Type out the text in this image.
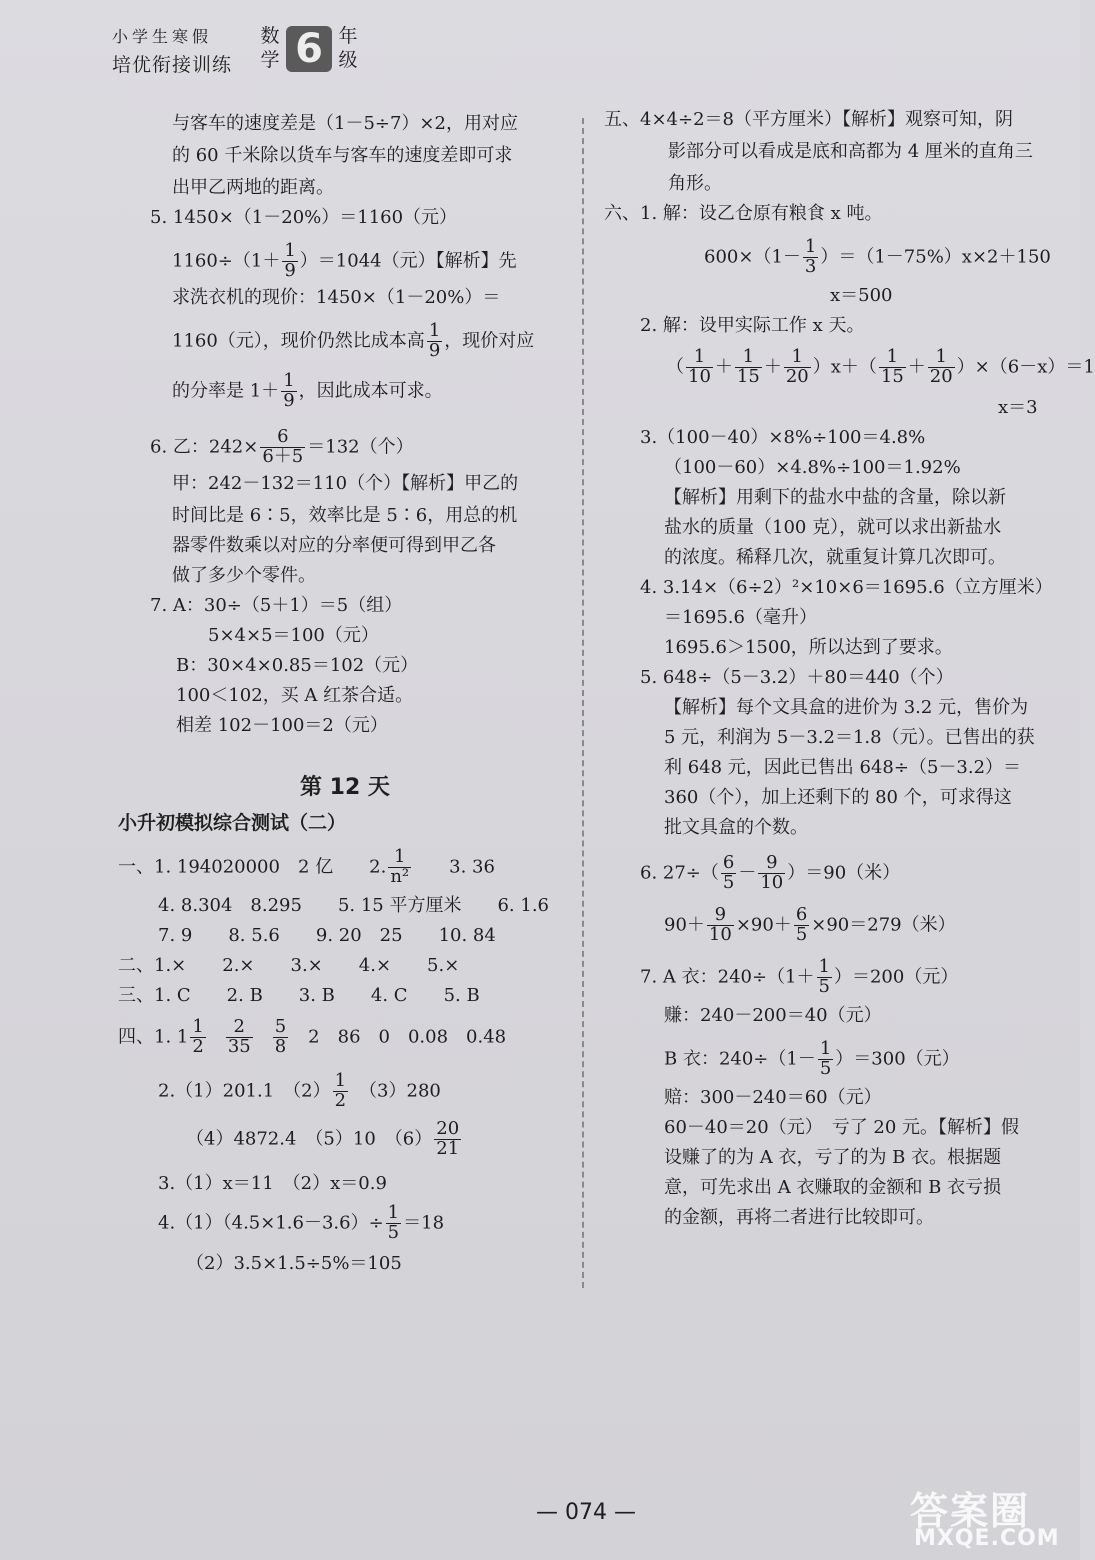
小学生寒假
培优衔接训练
数学 6 年级
与客车的速度差是（1－5÷7）×2，用对应
的 60 千米除以货车与客车的速度差即可求
出甲乙两地的距离。
5. 1450×（1－20%）＝1160（元）
$1160\div(1+ \frac{1}{9} )=1044$（元）【解析】先
求洗衣机的现价：1450×（1－20%）＝
1160（元），现价仍然比成本高 $\frac{1}{9}$ ，现价对应
的分率是 $1+ \frac{1}{9}$ ，因此成本可求。
6. 乙：$242\times \frac{6}{6+5} =132$（个）
甲：242－132＝110（个）【解析】甲乙的
时间比是 6∶5，效率比是 5∶6，用总的机
器零件数乘以对应的分率便可得到甲乙各
做了多少个零件。
7. A：30÷（5＋1）＝5（组）
5×4×5＝100（元）
B：30×4×0.85＝102（元）
100＜102，买 A 红茶合适。
相差 102－100＝2（元）
第 12 天
小升初模拟综合测试（二）
一、1. 194020000　2 亿　　2. $\frac{1}{\text{n²}}$ 　　3. 36
4. 8.304　8.295　　5. 15 平方厘米　　6. 1.6
7. 9　　8. 5.6　　9. 20　25　　10. 84
二、1.×　　2.×　　3.×　　4.×　　5.×
三、1. C　　2. B　　3. B　　4. C　　5. B
四、1. $1 \frac{1}{2} \frac{2}{35} \frac{5}{8}$ 　2　86　0　0.08　0.48
2.（1）201.1　$(2) \frac{1}{2}$ 　（3）280
（4）4872.4　（5）10　$(6) \frac{20}{21}$
3.（1）x＝11　（2）x＝0.9
$4.(1)(4.5\times 1.6-3.6)\div \frac{1}{5} =18$
（2）3.5×1.5÷5%＝105
五、4×4÷2＝8（平方厘米）【解析】观察可知，阴
影部分可以看成是底和高都为 4 厘米的直角三
角形。
六、1. 解：设乙仓原有粮食 x 吨。
$600\times(1- \frac{1}{3} )=(1-75\%)x\times 2+150$
x＝500
2. 解：设甲实际工作 x 天。
（ $\frac{1}{10} + \frac{1}{15} + \frac{1}{20} )x+( \frac{1}{15} + \frac{1}{20} )\times(6-x)=1$
x＝3
3.（100－40）×8%÷100＝4.8%
（100－60）×4.8%÷100＝1.92%
【解析】用剩下的盐水中盐的含量，除以新
盐水的质量（100 克），就可以求出新盐水
的浓度。稀释几次，就重复计算几次即可。
4. 3.14×（6÷2）²×10×6＝1695.6（立方厘米）
＝1695.6（毫升）
1695.6＞1500，所以达到了要求。
5. 648÷（5－3.2）＋80＝440（个）
【解析】每个文具盒的进价为 3.2 元，售价为
5 元，利润为 5－3.2＝1.8（元）。已售出的获
利 648 元，因此已售出 648÷（5－3.2）＝
360（个），加上还剩下的 80 个，可求得这
批文具盒的个数。
6. $27\div( \frac{6}{5} - \frac{9}{10} )=90$（米）
$90+ \frac{9}{10} \times 90+ \frac{6}{5} \times 90=279$（米）
7. A 衣：$240\div(1+ \frac{1}{5} )=200$（元）
赚：240－200＝40（元）
B 衣：$240\div(1- \frac{1}{5} )=300$（元）
赔：300－240＝60（元）
60－40＝20（元）　亏了 20 元。【解析】假
设赚了的为 A 衣，亏了的为 B 衣。根据题
意，可先求出 A 衣赚取的金额和 B 衣亏损
的金额，再将二者进行比较即可。
— 074 —	答案圈
MXQE.COM
